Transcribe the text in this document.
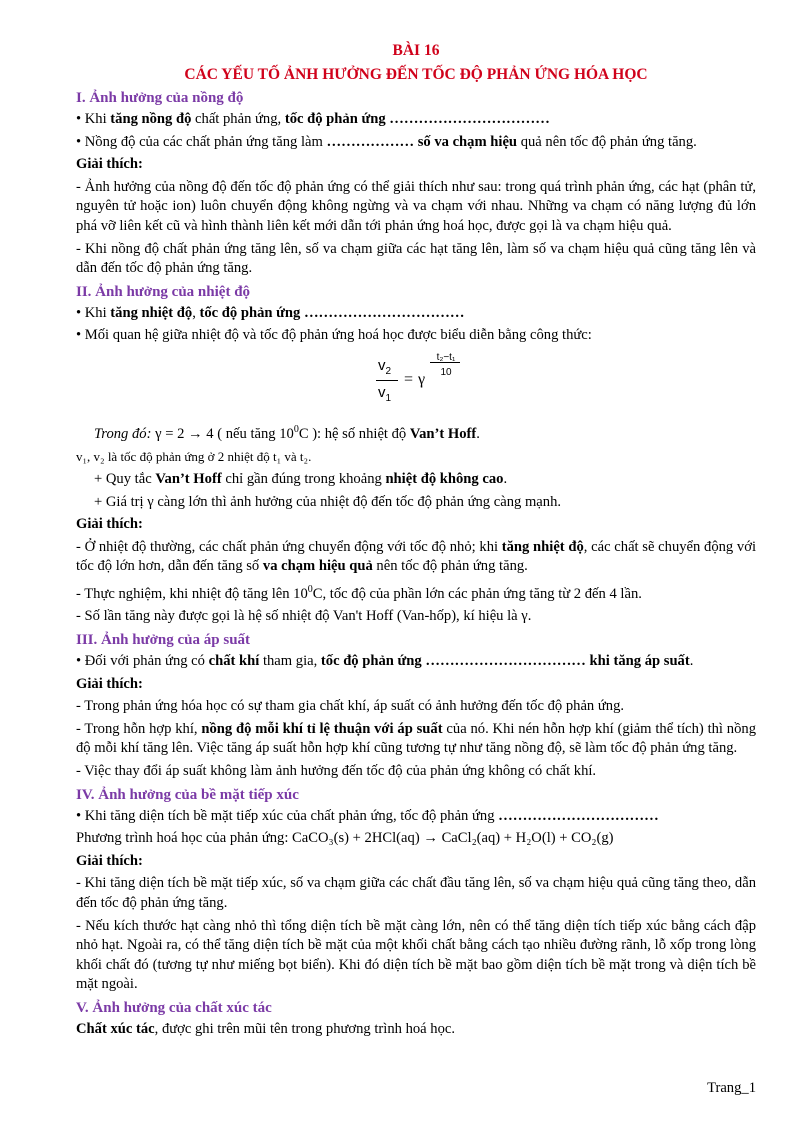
BÀI 16
CÁC YẾU TỐ ẢNH HƯỞNG ĐẾN TỐC ĐỘ PHẢN ỨNG HÓA HỌC
I. Ảnh hưởng của nồng độ
• Khi tăng nồng độ chất phản ứng, tốc độ phản ứng ……………………………
• Nồng độ của các chất phản ứng tăng làm ……………… số va chạm hiệu quả nên tốc độ phản ứng tăng.
Giải thích:
- Ảnh hưởng của nồng độ đến tốc độ phản ứng có thể giải thích như sau: trong quá trình phản ứng, các hạt (phân tử, nguyên tử hoặc ion) luôn chuyển động không ngừng và va chạm với nhau. Những va chạm có năng lượng đủ lớn phá vỡ liên kết cũ và hình thành liên kết mới dẫn tới phản ứng hoá học, được gọi là va chạm hiệu quả.
- Khi nồng độ chất phản ứng tăng lên, số va chạm giữa các hạt tăng lên, làm số va chạm hiệu quả cũng tăng lên và dẫn đến tốc độ phản ứng tăng.
II. Ảnh hưởng của nhiệt độ
• Khi tăng nhiệt độ, tốc độ phản ứng ……………………………
• Mối quan hệ giữa nhiệt độ và tốc độ phản ứng hoá học được biểu diễn bằng công thức:
$v_2$
$v_1$
= γ
t₂−t₁
10
Trong đó: γ = 2 → 4 ( nếu tăng $10^0C$ ): hệ số nhiệt độ Van’t Hoff.
v₁, v₂ là tốc độ phản ứng ở 2 nhiệt độ t₁ và t₂.
+ Quy tắc Van’t Hoff chỉ gần đúng trong khoảng nhiệt độ không cao.
+ Giá trị γ càng lớn thì ảnh hưởng của nhiệt độ đến tốc độ phản ứng càng mạnh.
Giải thích:
- Ở nhiệt độ thường, các chất phản ứng chuyển động với tốc độ nhỏ; khi tăng nhiệt độ, các chất sẽ chuyển động với tốc độ lớn hơn, dẫn đến tăng số va chạm hiệu quả nên tốc độ phản ứng tăng.
- Thực nghiệm, khi nhiệt độ tăng lên $10^0C$, tốc độ của phần lớn các phản ứng tăng từ 2 đến 4 lần.
- Số lần tăng này được gọi là hệ số nhiệt độ Van't Hoff (Van-hốp), kí hiệu là γ.
III. Ảnh hưởng của áp suất
• Đối với phản ứng có chất khí tham gia, tốc độ phản ứng …………………………… khi tăng áp suất.
Giải thích:
- Trong phản ứng hóa học có sự tham gia chất khí, áp suất có ảnh hưởng đến tốc độ phản ứng.
- Trong hỗn hợp khí, nồng độ mỗi khí tỉ lệ thuận với áp suất của nó. Khi nén hỗn hợp khí (giảm thể tích) thì nồng độ mỗi khí tăng lên. Việc tăng áp suất hỗn hợp khí cũng tương tự như tăng nồng độ, sẽ làm tốc độ phản ứng tăng.
- Việc thay đổi áp suất không làm ảnh hưởng đến tốc độ của phản ứng không có chất khí.
IV. Ảnh hưởng của bề mặt tiếp xúc
• Khi tăng diện tích bề mặt tiếp xúc của chất phản ứng, tốc độ phản ứng ……………………………
Phương trình hoá học của phản ứng: CaCO₃(s) + 2HCl(aq) → CaCl₂(aq) + H₂O(l) + CO₂(g)
Giải thích:
- Khi tăng diện tích bề mặt tiếp xúc, số va chạm giữa các chất đầu tăng lên, số va chạm hiệu quả cũng tăng theo, dẫn đến tốc độ phản ứng tăng.
- Nếu kích thước hạt càng nhỏ thì tổng diện tích bề mặt càng lớn, nên có thể tăng diện tích tiếp xúc bằng cách đập nhỏ hạt. Ngoài ra, có thể tăng diện tích bề mặt của một khối chất bằng cách tạo nhiều đường rãnh, lỗ xốp trong lòng khối chất đó (tương tự như miếng bọt biển). Khi đó diện tích bề mặt bao gồm diện tích bề mặt trong và diện tích bề mặt ngoài.
V. Ảnh hưởng của chất xúc tác
Chất xúc tác, được ghi trên mũi tên trong phương trình hoá học.
Trang_1
